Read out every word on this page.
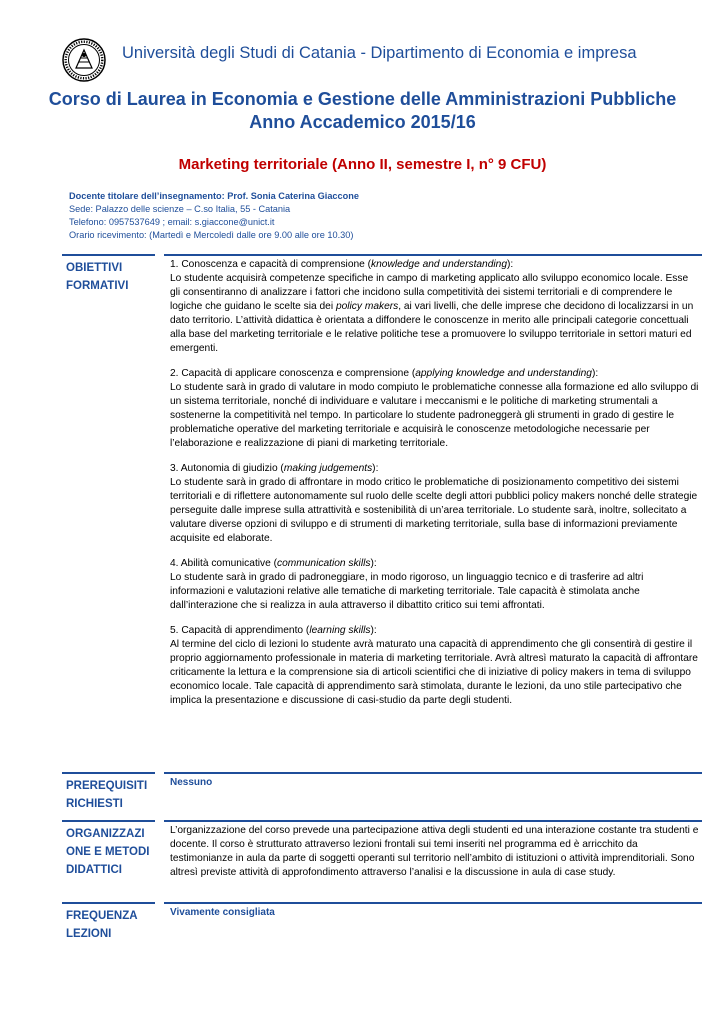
Università degli Studi di Catania - Dipartimento di Economia e impresa
Corso di Laurea in Economia e Gestione delle Amministrazioni Pubbliche
Anno Accademico 2015/16
Marketing territoriale (Anno II, semestre I, n° 9 CFU)
Docente titolare dell’insegnamento: Prof. Sonia Caterina Giaccone
Sede: Palazzo delle scienze – C.so Italia, 55 - Catania
Telefono: 0957537649 ; email: s.giaccone@unict.it
Orario ricevimento: (Martedì e Mercoledì dalle ore 9.00 alle ore 10.30)
OBIETTIVI FORMATIVI

1. Conoscenza e capacità di comprensione (knowledge and understanding):
Lo studente acquisirà competenze specifiche in campo di marketing applicato allo sviluppo economico locale. Esse gli consentiranno di analizzare i fattori che incidono sulla competitività dei sistemi territoriali e di comprendere le logiche che guidano le scelte sia dei policy makers, ai vari livelli, che delle imprese che decidono di localizzarsi in un dato territorio. L’attività didattica è orientata a diffondere le conoscenze in merito alle principali categorie concettuali alla base del marketing territoriale e le relative politiche tese a promuovere lo sviluppo territoriale in settori maturi ed emergenti.

2. Capacità di applicare conoscenza e comprensione (applying knowledge and understanding):
Lo studente sarà in grado di valutare in modo compiuto le problematiche connesse alla formazione ed allo sviluppo di un sistema territoriale, nonché di individuare e valutare i meccanismi e le politiche di marketing strumentali a sostenerne la competitività nel tempo. In particolare lo studente padroneggerà gli strumenti in grado di gestire le problematiche operative del marketing territoriale e acquisirà le conoscenze metodologiche necessarie per l’elaborazione e realizzazione di piani di marketing territoriale.

3. Autonomia di giudizio (making judgements):
Lo studente sarà in grado di affrontare in modo critico le problematiche di posizionamento competitivo dei sistemi territoriali e di riflettere autonomamente sul ruolo delle scelte degli attori pubblici policy makers nonché delle strategie perseguite dalle imprese sulla attrattività e sostenibilità di un’area territoriale. Lo studente sarà, inoltre, sollecitato a valutare diverse opzioni di sviluppo e di strumenti di marketing territoriale, sulla base di informazioni previamente acquisite ed elaborate.

4. Abilità comunicative (communication skills):
Lo studente sarà in grado di padroneggiare, in modo rigoroso, un linguaggio tecnico e di trasferire ad altri informazioni e valutazioni relative alle tematiche di marketing territoriale. Tale capacità è stimolata anche dall’interazione che si realizza in aula attraverso il dibattito critico sui temi affrontati.

5. Capacità di apprendimento (learning skills):
Al termine del ciclo di lezioni lo studente avrà maturato una capacità di apprendimento che gli consentirà di gestire il proprio aggiornamento professionale in materia di marketing territoriale. Avrà altresì maturato la capacità di affrontare criticamente la lettura e la comprensione sia di articoli scientifici che di iniziative di policy makers in tema di sviluppo economico locale. Tale capacità di apprendimento sarà stimolata, durante le lezioni, da uno stile partecipativo che implica la presentazione e discussione di casi-studio da parte degli studenti.

PREREQUISITI RICHIESTI
Nessuno
ORGANIZZAZI ONE E METODI DIDATTICI
L’organizzazione del corso prevede una partecipazione attiva degli studenti ed una interazione costante tra studenti e docente. Il corso è strutturato attraverso lezioni frontali sui temi inseriti nel programma ed è arricchito da testimonianze in aula da parte di soggetti operanti sul territorio nell’ambito di istituzioni o attività imprenditoriali. Sono altresì previste attività di approfondimento attraverso l’analisi e la discussione in aula di case study.
FREQUENZA LEZIONI
Vivamente consigliata
